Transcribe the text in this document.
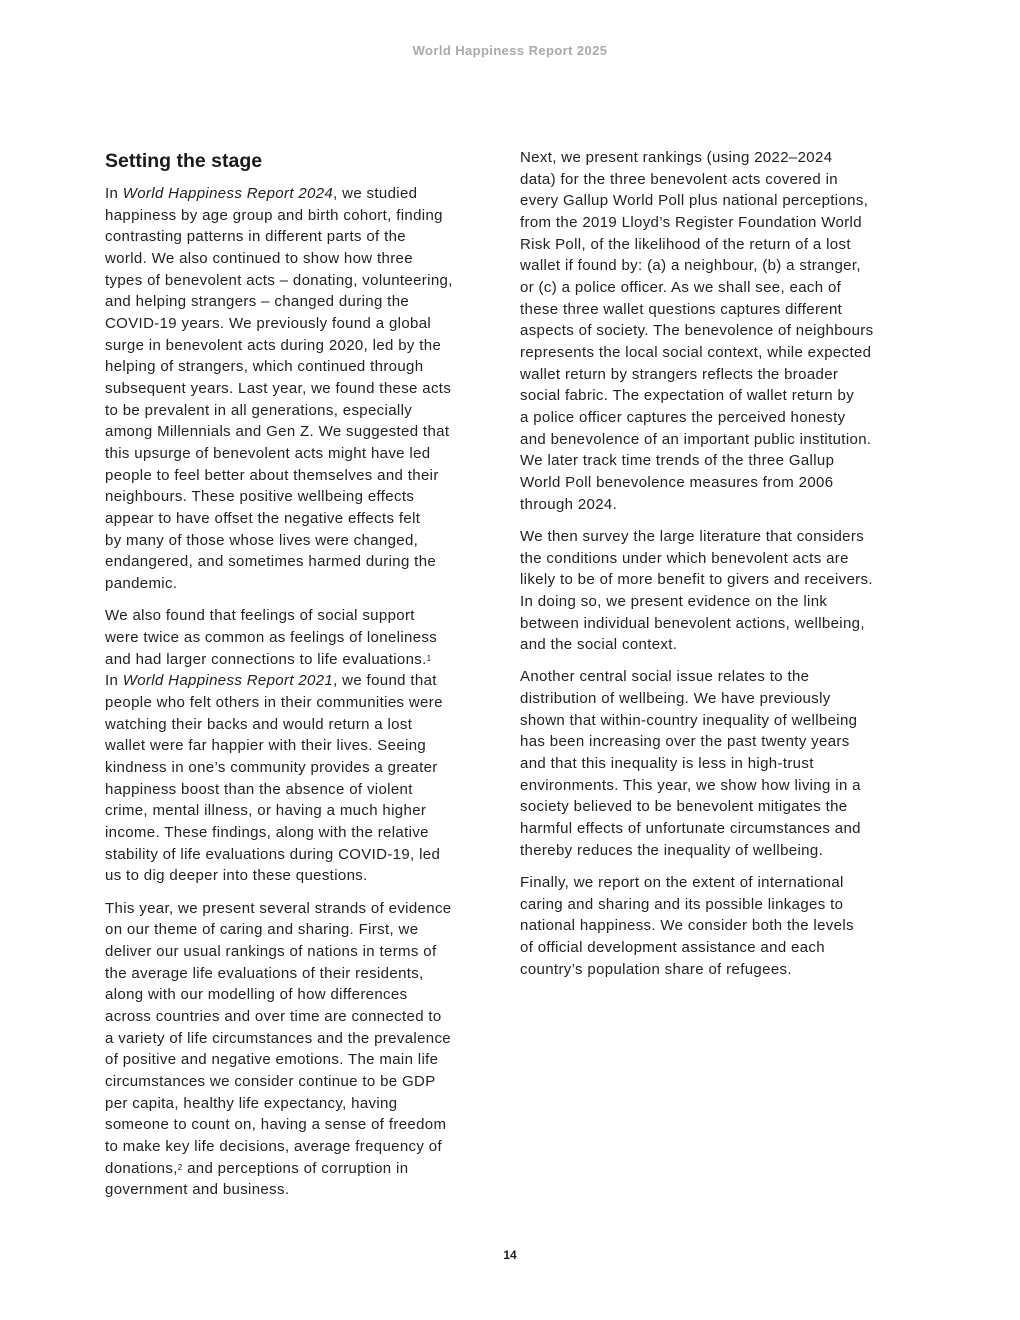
World Happiness Report 2025
Setting the stage
In World Happiness Report 2024, we studied
happiness by age group and birth cohort, finding
contrasting patterns in different parts of the
world. We also continued to show how three
types of benevolent acts – donating, volunteering,
and helping strangers – changed during the
COVID-19 years. We previously found a global
surge in benevolent acts during 2020, led by the
helping of strangers, which continued through
subsequent years. Last year, we found these acts
to be prevalent in all generations, especially
among Millennials and Gen Z. We suggested that
this upsurge of benevolent acts might have led
people to feel better about themselves and their
neighbours. These positive wellbeing effects
appear to have offset the negative effects felt
by many of those whose lives were changed,
endangered, and sometimes harmed during the
pandemic.
We also found that feelings of social support
were twice as common as feelings of loneliness
and had larger connections to life evaluations.$^1$
In World Happiness Report 2021, we found that
people who felt others in their communities were
watching their backs and would return a lost
wallet were far happier with their lives. Seeing
kindness in one’s community provides a greater
happiness boost than the absence of violent
crime, mental illness, or having a much higher
income. These findings, along with the relative
stability of life evaluations during COVID-19, led
us to dig deeper into these questions.
This year, we present several strands of evidence
on our theme of caring and sharing. First, we
deliver our usual rankings of nations in terms of
the average life evaluations of their residents,
along with our modelling of how differences
across countries and over time are connected to
a variety of life circumstances and the prevalence
of positive and negative emotions. The main life
circumstances we consider continue to be GDP
per capita, healthy life expectancy, having
someone to count on, having a sense of freedom
to make key life decisions, average frequency of
donations,$^2$ and perceptions of corruption in
government and business.
Next, we present rankings (using 2022–2024
data) for the three benevolent acts covered in
every Gallup World Poll plus national perceptions,
from the 2019 Lloyd’s Register Foundation World
Risk Poll, of the likelihood of the return of a lost
wallet if found by: (a) a neighbour, (b) a stranger,
or (c) a police officer. As we shall see, each of
these three wallet questions captures different
aspects of society. The benevolence of neighbours
represents the local social context, while expected
wallet return by strangers reflects the broader
social fabric. The expectation of wallet return by
a police officer captures the perceived honesty
and benevolence of an important public institution.
We later track time trends of the three Gallup
World Poll benevolence measures from 2006
through 2024.
We then survey the large literature that considers
the conditions under which benevolent acts are
likely to be of more benefit to givers and receivers.
In doing so, we present evidence on the link
between individual benevolent actions, wellbeing,
and the social context.
Another central social issue relates to the
distribution of wellbeing. We have previously
shown that within-country inequality of wellbeing
has been increasing over the past twenty years
and that this inequality is less in high-trust
environments. This year, we show how living in a
society believed to be benevolent mitigates the
harmful effects of unfortunate circumstances and
thereby reduces the inequality of wellbeing.
Finally, we report on the extent of international
caring and sharing and its possible linkages to
national happiness. We consider both the levels
of official development assistance and each
country’s population share of refugees.
14
